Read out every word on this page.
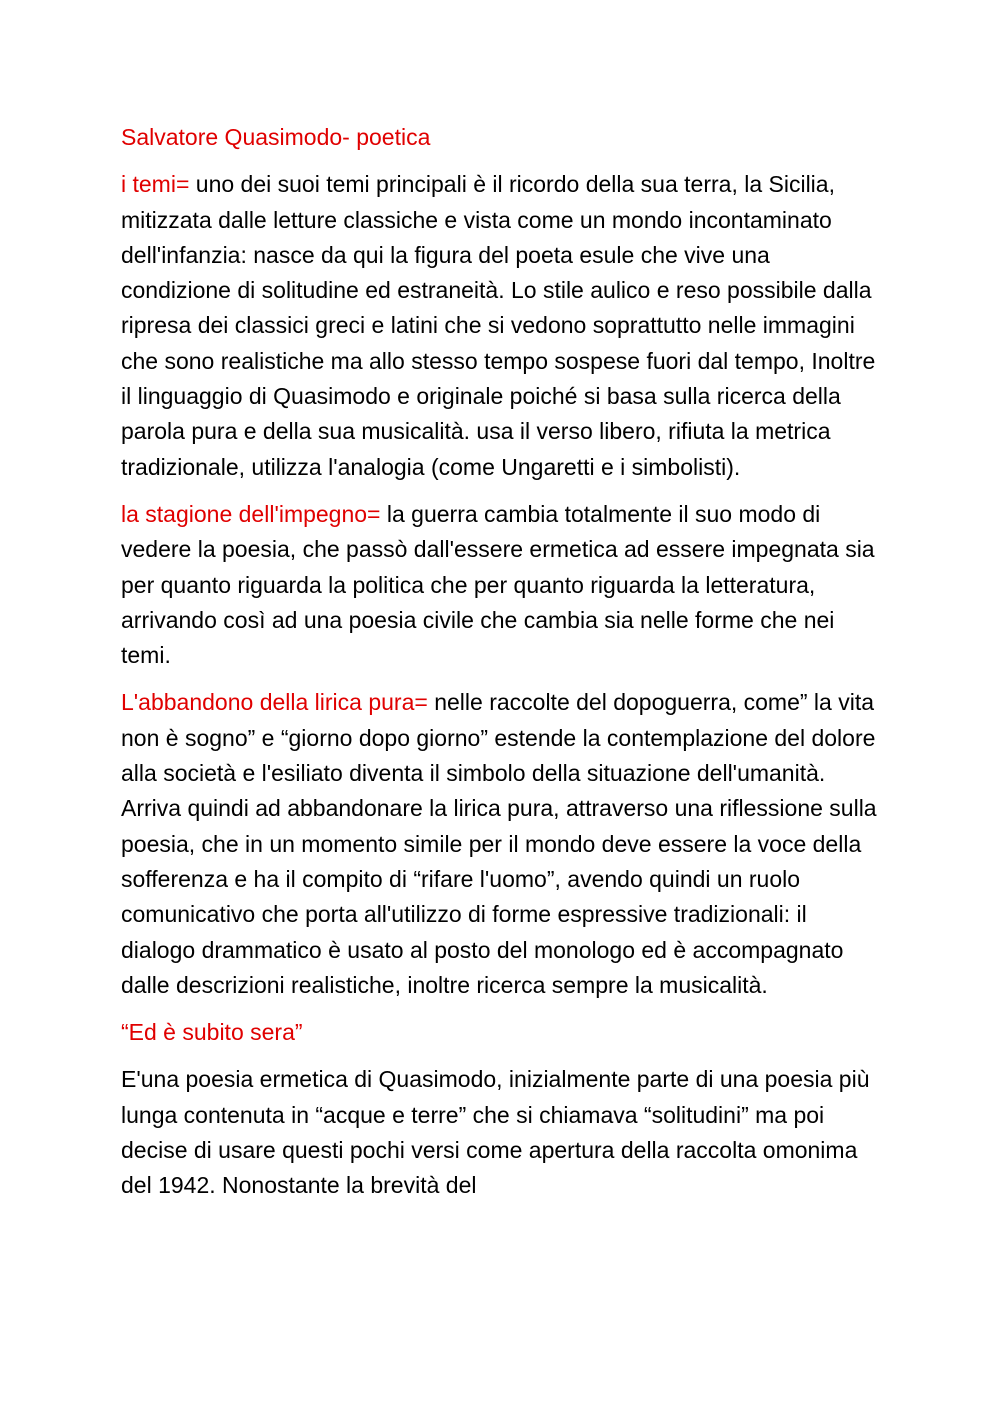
Salvatore Quasimodo- poetica

i temi= uno dei suoi temi principali è il ricordo della sua terra, la Sicilia, mitizzata dalle letture classiche e vista come un mondo incontaminato dell'infanzia: nasce da qui la figura del poeta esule che vive una condizione di solitudine ed estraneità. Lo stile aulico e reso possibile dalla ripresa dei classici greci e latini che si vedono soprattutto nelle immagini che sono realistiche ma allo stesso tempo sospese fuori dal tempo, Inoltre il linguaggio di Quasimodo e originale poiché si basa sulla ricerca della parola pura e della sua musicalità. usa il verso libero, rifiuta la metrica tradizionale, utilizza l'analogia (come Ungaretti e i simbolisti).

la stagione dell'impegno= la guerra cambia totalmente il suo modo di vedere la poesia, che passò dall'essere ermetica ad essere impegnata sia per quanto riguarda la politica che per quanto riguarda la letteratura, arrivando così ad una poesia civile che cambia sia nelle forme che nei temi.

L'abbandono della lirica pura= nelle raccolte del dopoguerra, come” la vita non è sogno” e “giorno dopo giorno” estende la contemplazione del dolore alla società e l'esiliato diventa il simbolo della situazione dell'umanità. Arriva quindi ad abbandonare la lirica pura, attraverso una riflessione sulla poesia, che in un momento simile per il mondo deve essere la voce della sofferenza e ha il compito di “rifare l'uomo”, avendo quindi un ruolo comunicativo che porta all'utilizzo di forme espressive tradizionali: il dialogo drammatico è usato al posto del monologo ed è accompagnato dalle descrizioni realistiche, inoltre ricerca sempre la musicalità.

“Ed è subito sera”

E'una poesia ermetica di Quasimodo, inizialmente parte di una poesia più lunga contenuta in “acque e terre” che si chiamava “solitudini” ma poi decise di usare questi pochi versi come apertura della raccolta omonima del 1942. Nonostante la brevità del
